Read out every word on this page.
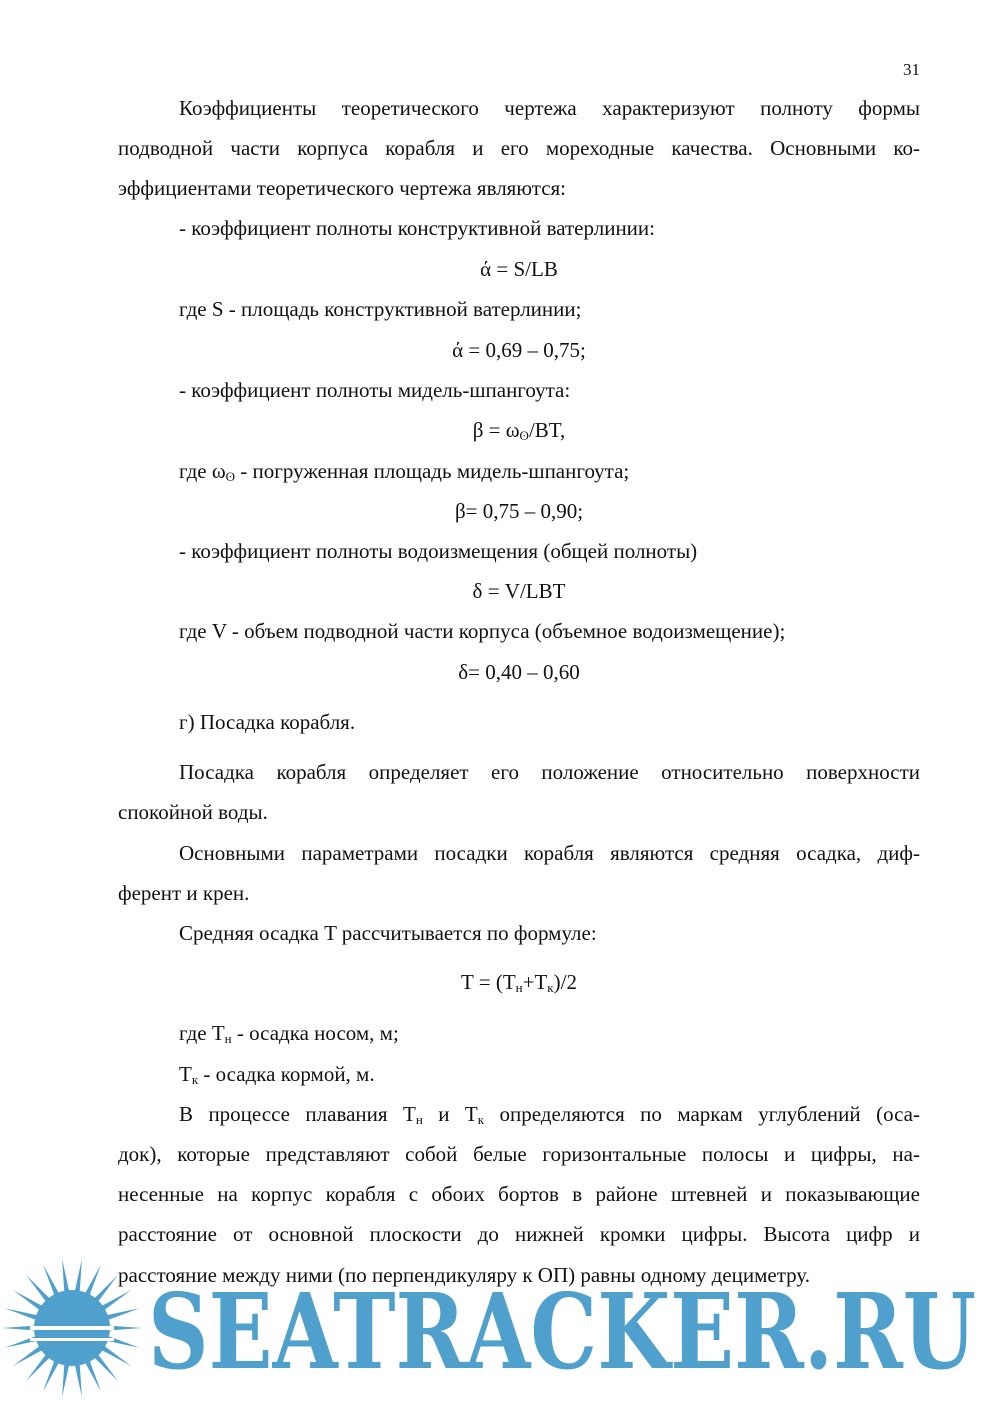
31
Коэффициенты теоретического чертежа характеризуют полноту формы
подводной части корпуса корабля и его мореходные качества. Основными ко-
эффициентами теоретического чертежа являются:
- коэффициент полноты конструктивной ватерлинии:
ά = S/LB
где S - площадь конструктивной ватерлинии;
ά = 0,69 – 0,75;
- коэффициент полноты мидель-шпангоута:
$\beta = \omega_ʘ/BT$,
где $\omega_ʘ$ - погруженная площадь мидель-шпангоута;
β= 0,75 – 0,90;
- коэффициент полноты водоизмещения (общей полноты)
δ = V/LBT
где V - объем подводной части корпуса (объемное водоизмещение);
δ= 0,40 – 0,60
г) Посадка корабля.
Посадка корабля определяет его положение относительно поверхности
спокойной воды.
Основными параметрами посадки корабля являются средняя осадка, диф-
ферент и крен.
Средняя осадка T рассчитывается по формуле:
$T = (T_н+T_к)/2$
где $T_н$ - осадка носом, м;
$T_к$ - осадка кормой, м.
В процессе плавания $T_н$ и $T_к$ определяются по маркам углублений (оса-
док), которые представляют собой белые горизонтальные полосы и цифры, на-
несенные на корпус корабля с обоих бортов в районе штевней и показывающие
расстояние от основной плоскости до нижней кромки цифры. Высота цифр и
расстояние между ними (по перпендикуляру к ОП) равны одному дециметру.
SEATRACKER.RU
